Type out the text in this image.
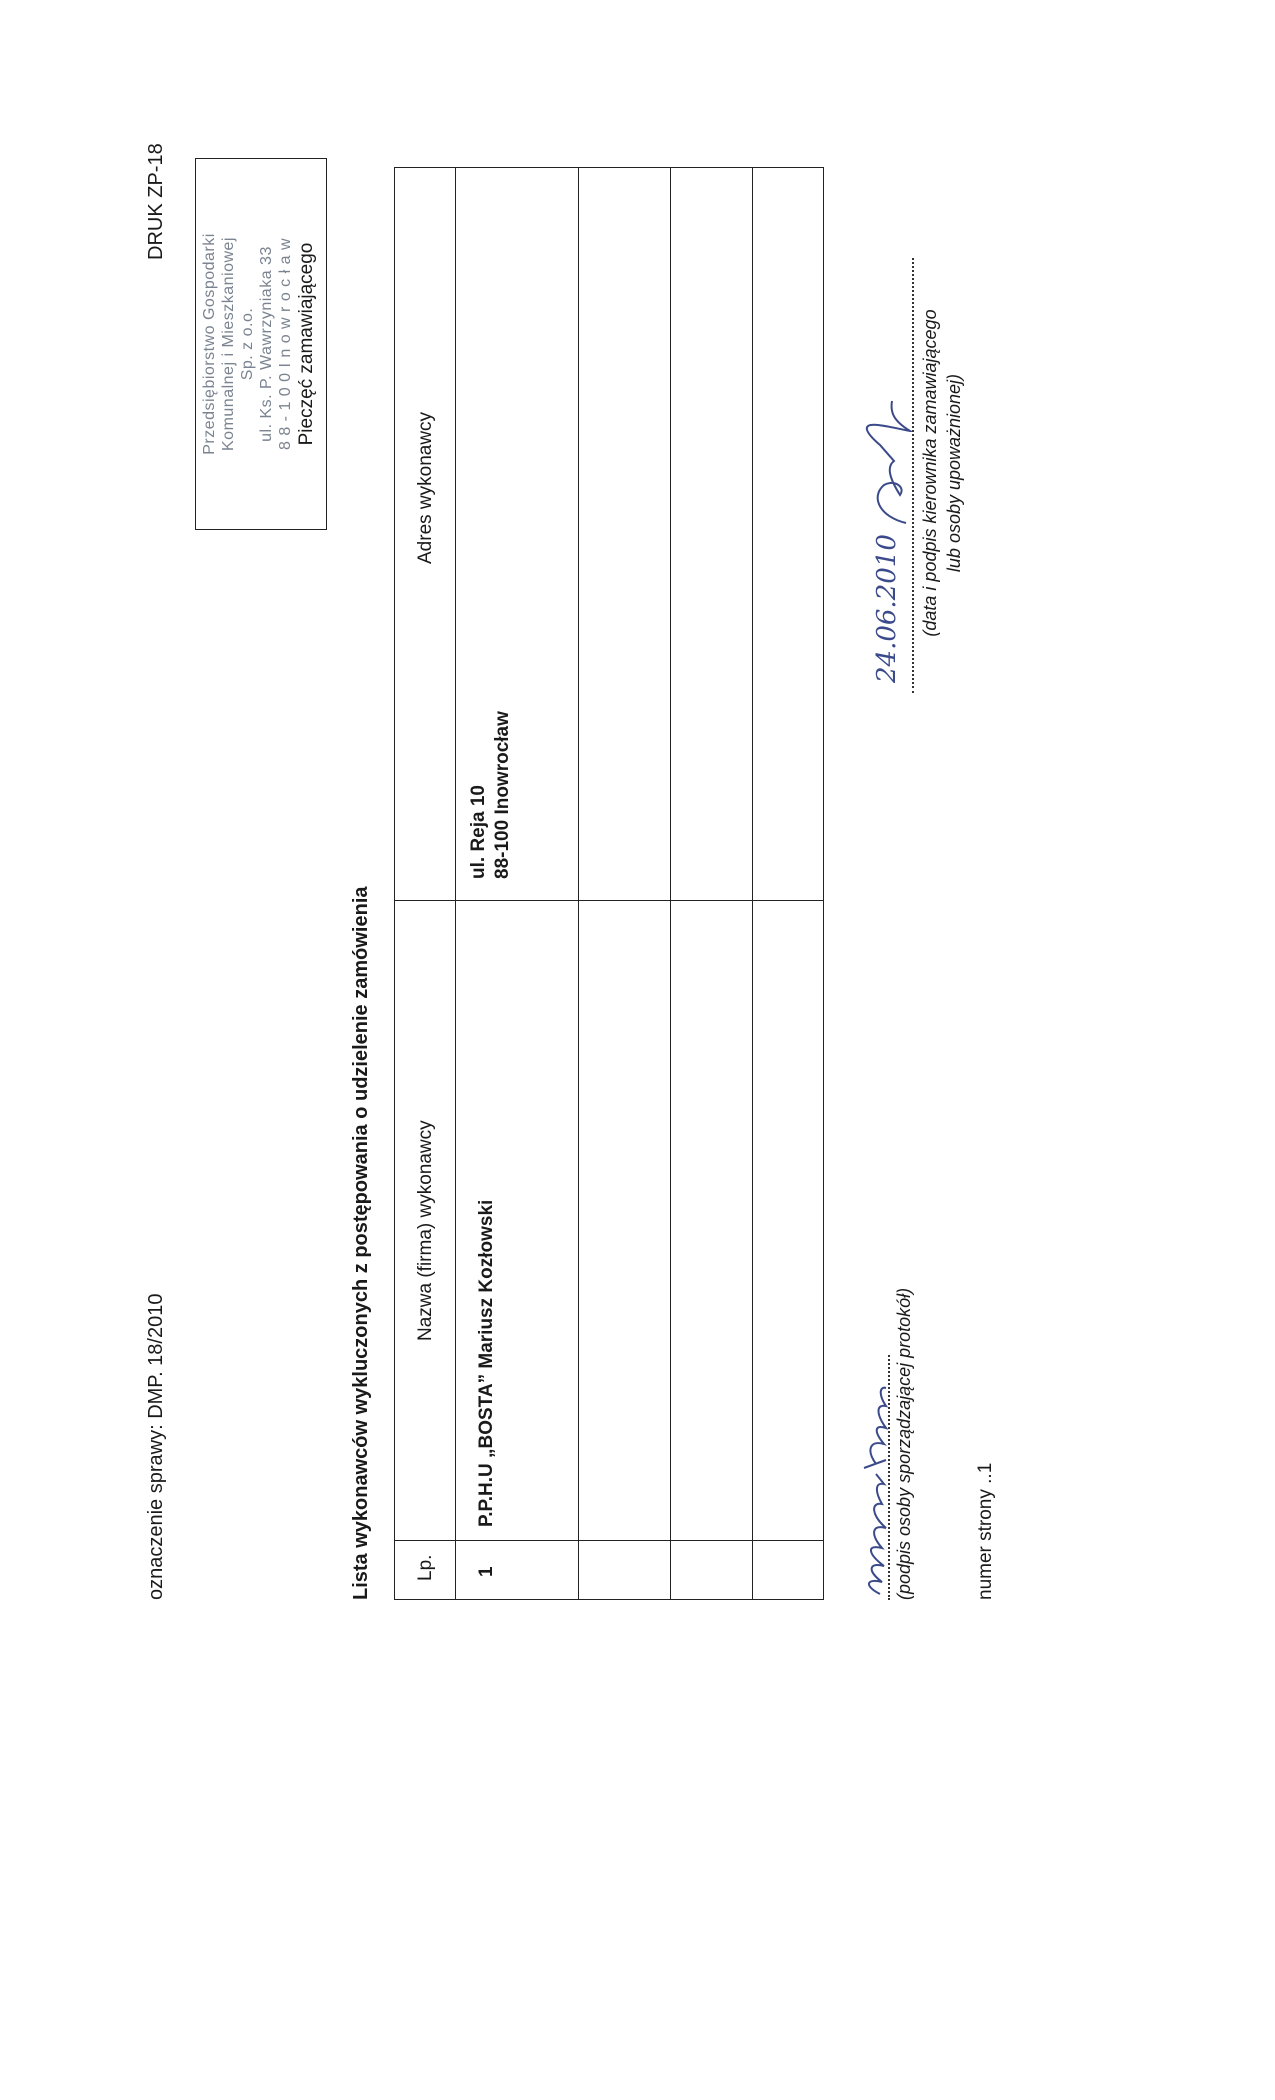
oznaczenie sprawy: DMP. 18/2010
DRUK ZP-18
Przedsiębiorstwo Gospodarki Komunalnej i Mieszkaniowej Sp. z o.o. ul. Ks. P. Wawrzyniaka 33 8 8 - 1 0 0 I n o w r o c ł a w Pieczęć zamawiającego
Lista wykonawców wykluczonych z postępowania o udzielenie zamówienia Lp.
Nazwa (firma) wykonawcy
Adres wykonawcy
1
P.P.H.U „BOSTA” Mariusz Kozłowski
ul. Reja 10 88-100 Inowrocław
(podpis osoby sporządzającej protokół)
24.06.2010 (data i podpis kierownika zamawiającego lub osoby upoważnionej)
numer strony ..1
